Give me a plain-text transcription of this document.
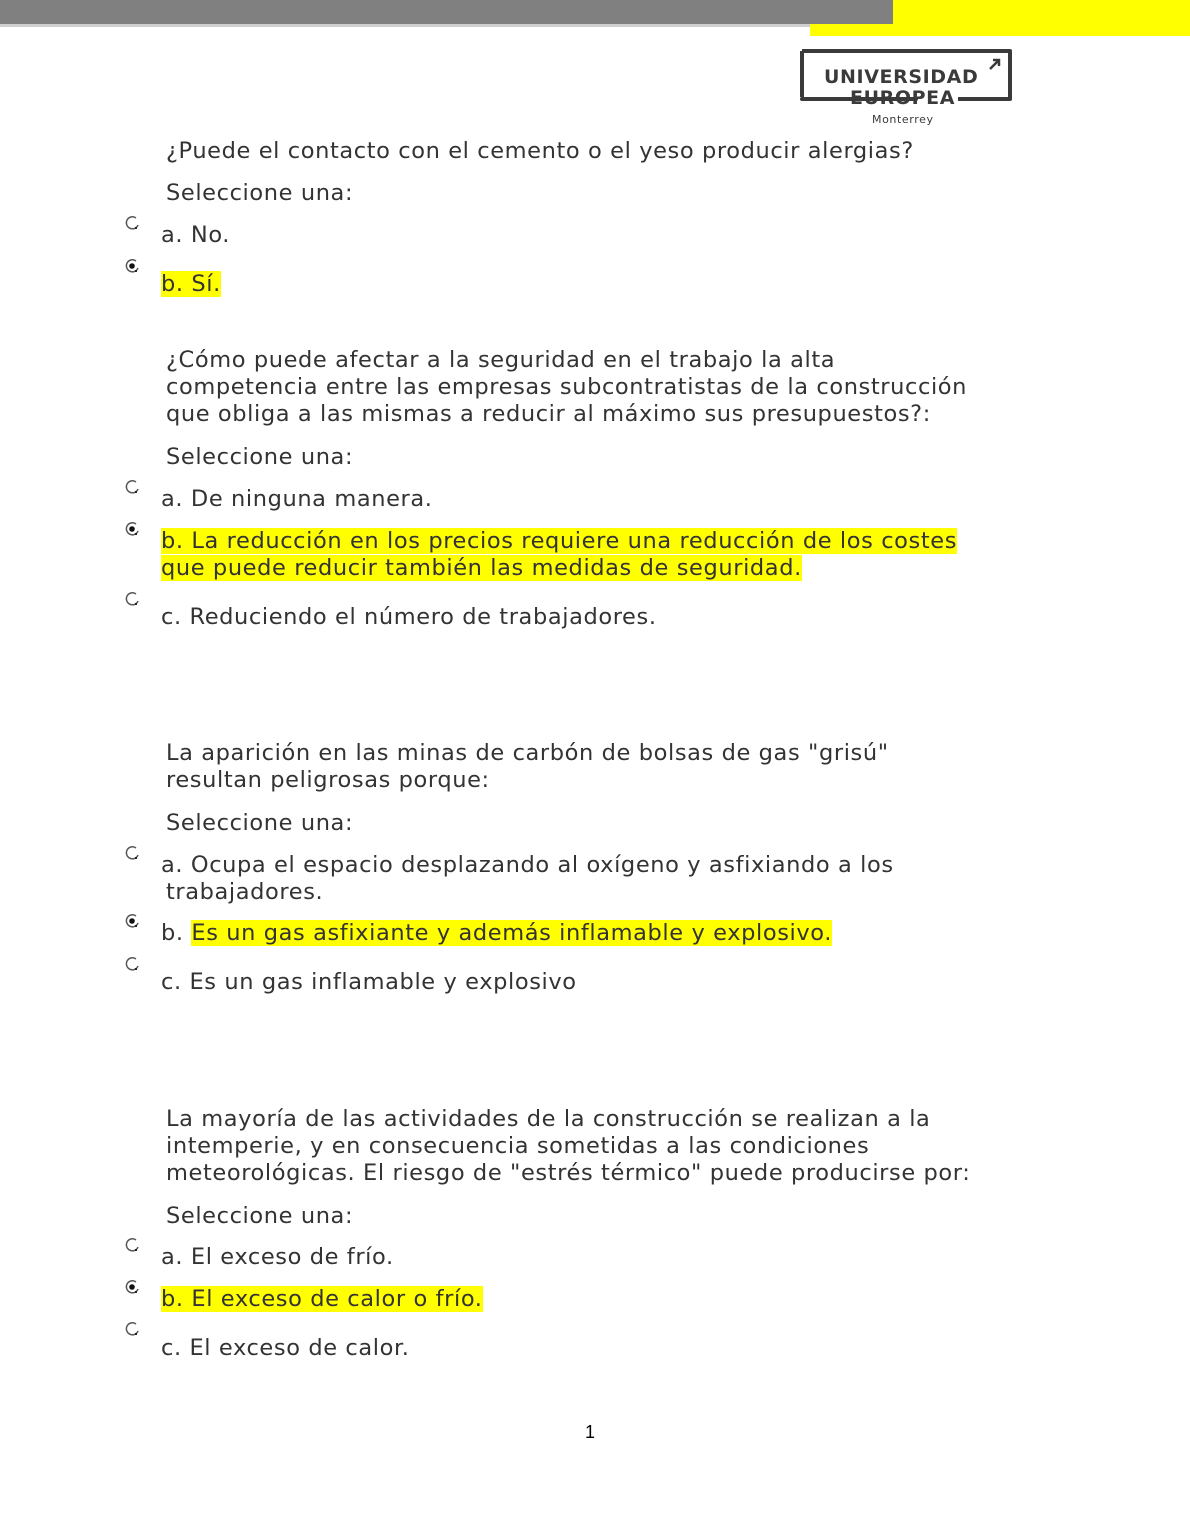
UNIVERSIDAD
EUROPEA
Monterrey

¿Puede el contacto con el cemento o el yeso producir alergias?

Seleccione una:
a. No.
b. Sí.

¿Cómo puede afectar a la seguridad en el trabajo la alta

competencia entre las empresas subcontratistas de la construcción

que obliga a las mismas a reducir al máximo sus presupuestos?:

Seleccione una:
a. De ninguna manera.
b. La reducción en los precios requiere una reducción de los costes
que puede reducir también las medidas de seguridad.
c. Reduciendo el número de trabajadores.

La aparición en las minas de carbón de bolsas de gas "grisú"

resultan peligrosas porque:

Seleccione una:
a. Ocupa el espacio desplazando al oxígeno y asfixiando a los
trabajadores.
b. Es un gas asfixiante y además inflamable y explosivo.
c. Es un gas inflamable y explosivo

La mayoría de las actividades de la construcción se realizan a la

intemperie, y en consecuencia sometidas a las condiciones

meteorológicas. El riesgo de "estrés térmico" puede producirse por:

Seleccione una:
a. El exceso de frío.
b. El exceso de calor o frío.
c. El exceso de calor.
1
